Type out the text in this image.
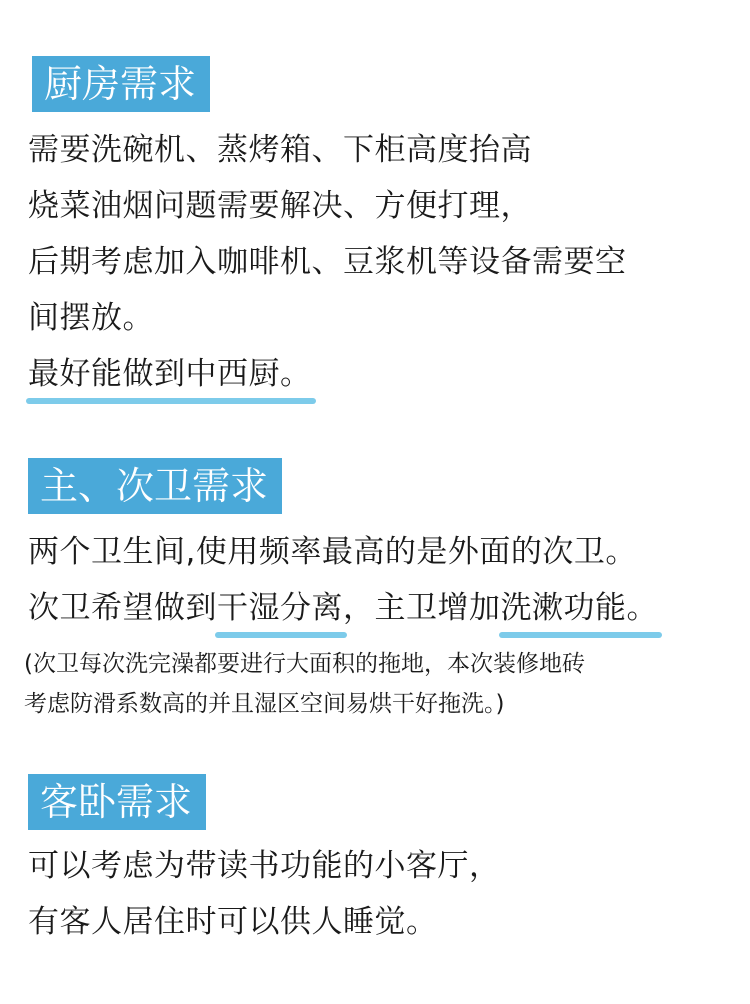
厨房需求
需要洗碗机、蒸烤箱、下柜高度抬高
烧菜油烟问题需要解决、方便打理，
后期考虑加入咖啡机、豆浆机等设备需要空
间摆放。
最好能做到中西厨。
主、次卫需求
两个卫生间,使用频率最高的是外面的次卫。
次卫希望做到干湿分离，主卫增加洗漱功能。
(次卫每次洗完澡都要进行大面积的拖地，本次装修地砖
考虑防滑系数高的并且湿区空间易烘干好拖洗。)
客卧需求
可以考虑为带读书功能的小客厅，
有客人居住时可以供人睡觉。
